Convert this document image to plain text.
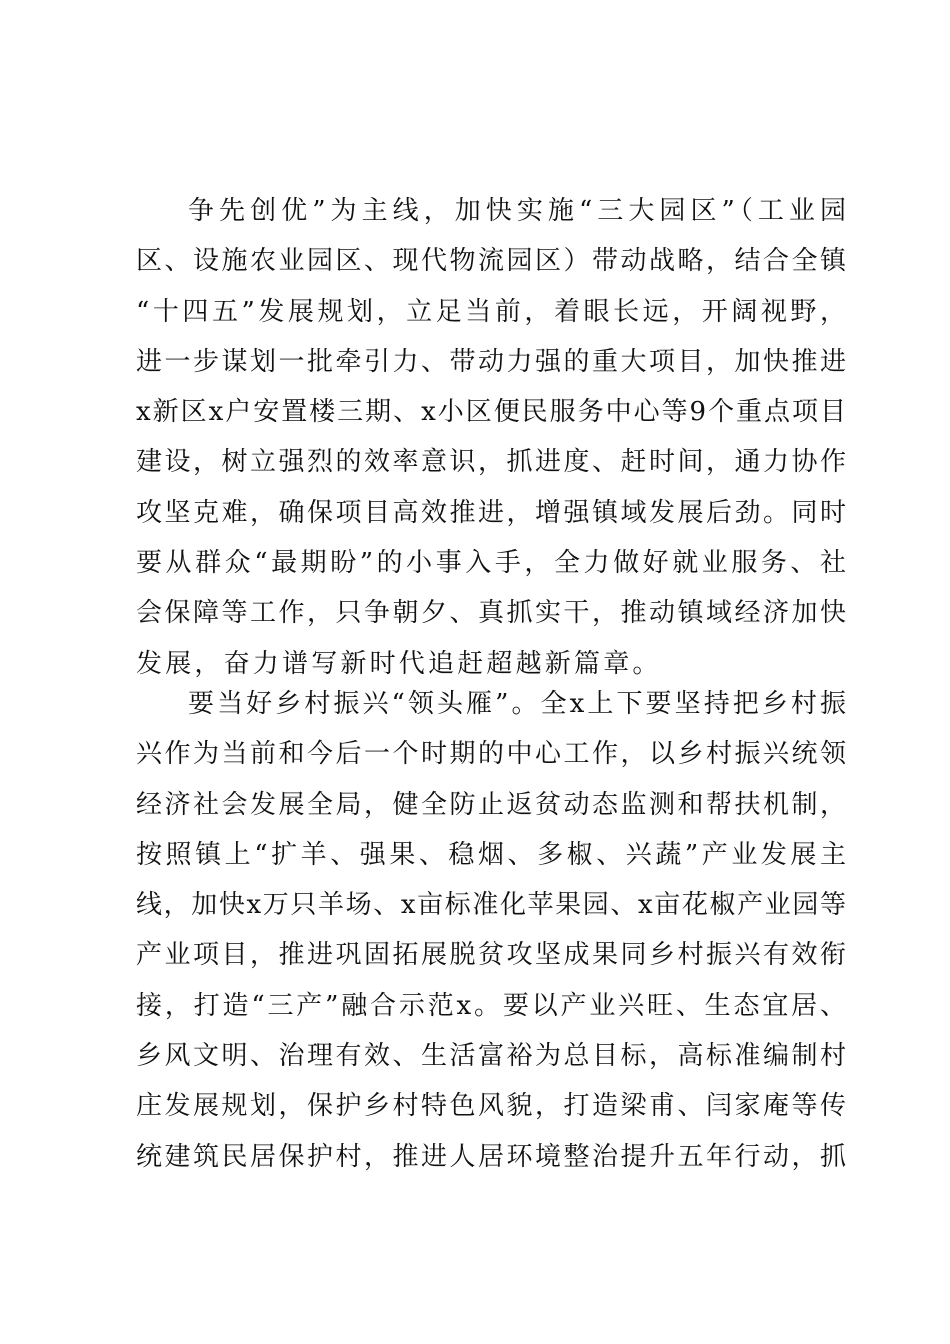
争先创优”为主线，加快实施“三大园区”（工业园
区、设施农业园区、现代物流园区）带动战略，结合全镇
“十四五”发展规划，立足当前，着眼长远，开阔视野，
进一步谋划一批牵引力、带动力强的重大项目，加快推进
x新区x户安置楼三期、x小区便民服务中心等9个重点项目
建设，树立强烈的效率意识，抓进度、赶时间，通力协作
攻坚克难，确保项目高效推进，增强镇域发展后劲。同时
要从群众“最期盼”的小事入手，全力做好就业服务、社
会保障等工作，只争朝夕、真抓实干，推动镇域经济加快
发展，奋力谱写新时代追赶超越新篇章。
要当好乡村振兴“领头雁”。全x上下要坚持把乡村振
兴作为当前和今后一个时期的中心工作，以乡村振兴统领
经济社会发展全局，健全防止返贫动态监测和帮扶机制，
按照镇上“扩羊、强果、稳烟、多椒、兴蔬”产业发展主
线，加快x万只羊场、x亩标准化苹果园、x亩花椒产业园等
产业项目，推进巩固拓展脱贫攻坚成果同乡村振兴有效衔
接，打造“三产”融合示范x。要以产业兴旺、生态宜居、
乡风文明、治理有效、生活富裕为总目标，高标准编制村
庄发展规划，保护乡村特色风貌，打造梁甫、闫家庵等传
统建筑民居保护村，推进人居环境整治提升五年行动，抓
